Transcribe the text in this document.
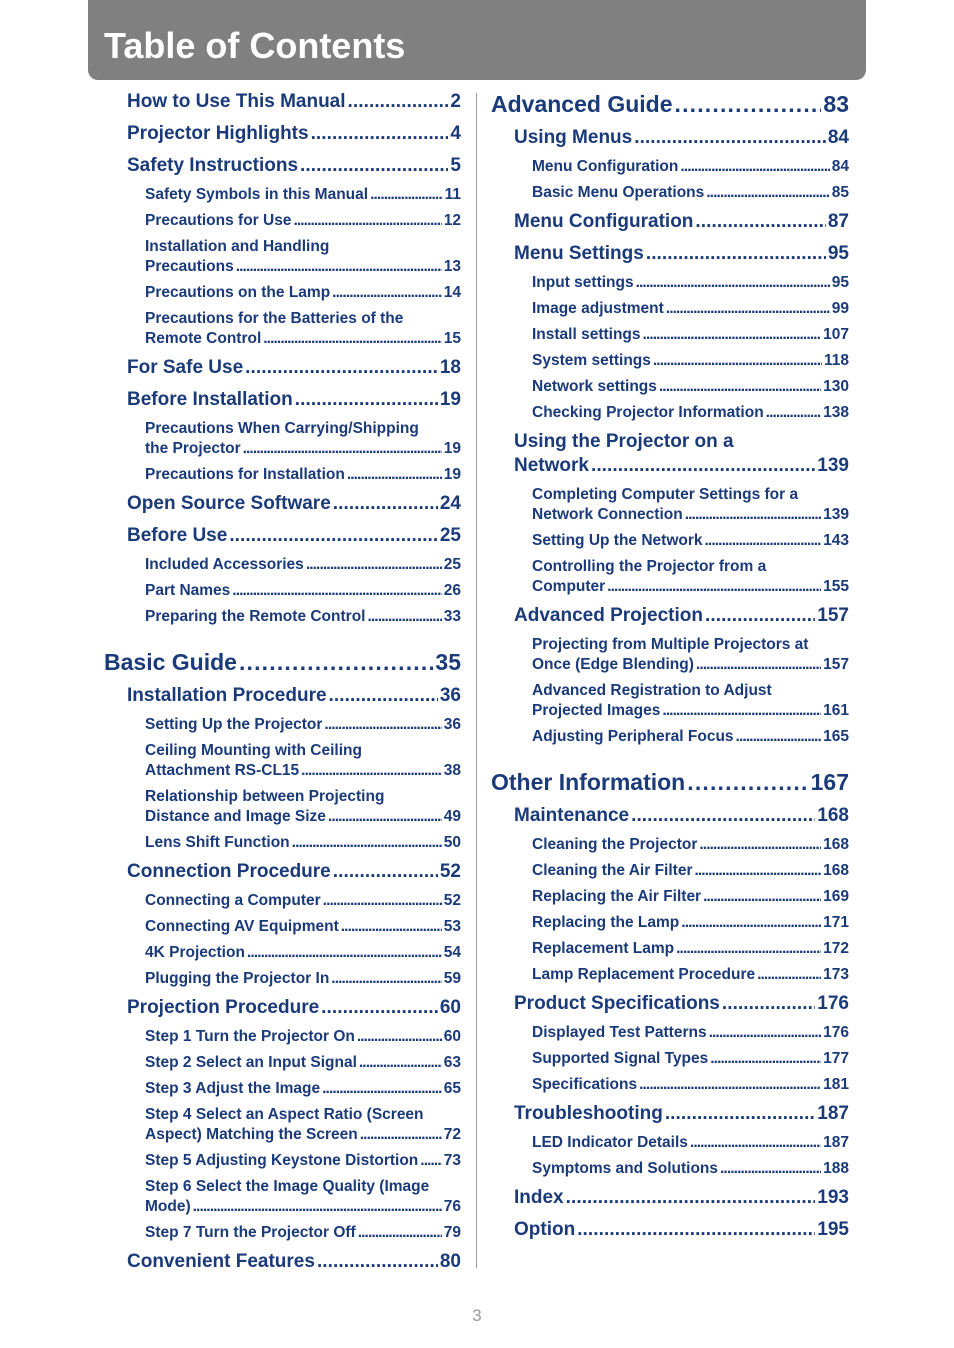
Table of Contents
How to Use This Manual . . .	2
Projector Highlights . . .	4
Safety Instructions . . .	5
Safety Symbols in this Manual . . .	11
Precautions for Use . . .	12
Installation and Handling
Precautions . . .	13
Precautions on the Lamp . . .	14
Precautions for the Batteries of the
Remote Control . . .	15
For Safe Use . . .	18
Before Installation . . .	19
Precautions When Carrying/Shipping
the Projector . . .	19
Precautions for Installation . . .	19
Open Source Software . . .	24
Before Use . . .	25
Included Accessories . . .	25
Part Names . . .	26
Preparing the Remote Control . . .	33
Basic Guide . . .	35
Installation Procedure . . .	36
Setting Up the Projector . . .	36
Ceiling Mounting with Ceiling
Attachment RS-CL15 . . .	38
Relationship between Projecting
Distance and Image Size . . .	49
Lens Shift Function . . .	50
Connection Procedure . . .	52
Connecting a Computer . . .	52
Connecting AV Equipment . . .	53
4K Projection . . .	54
Plugging the Projector In . . .	59
Projection Procedure . . .	60
Step 1 Turn the Projector On . . .	60
Step 2 Select an Input Signal . . .	63
Step 3 Adjust the Image . . .	65
Step 4 Select an Aspect Ratio (Screen
Aspect) Matching the Screen . . .	72
Step 5 Adjusting Keystone Distortion . . . 73
Step 6 Select the Image Quality (Image
Mode) . . .	76
Step 7 Turn the Projector Off . . .	79
Convenient Features . . .	80
Advanced Guide . . .	83
Using Menus . . .	84
Menu Configuration . . .	84
Basic Menu Operations . . .	85
Menu Configuration . . .	87
Menu Settings . . .	95
Input settings . . .	95
Image adjustment . . .	99
Install settings . . .	107
System settings . . .	118
Network settings . . .	130
Checking Projector Information . . .	138
Using the Projector on a
Network . . .	139
Completing Computer Settings for a
Network Connection . . .	139
Setting Up the Network . . .	143
Controlling the Projector from a
Computer . . .	155
Advanced Projection . . .	157
Projecting from Multiple Projectors at
Once (Edge Blending) . . .	157
Advanced Registration to Adjust
Projected Images . . .	161
Adjusting Peripheral Focus . . .	165
Other Information . . .	167
Maintenance . . .	168
Cleaning the Projector . . .	168
Cleaning the Air Filter . . .	168
Replacing the Air Filter . . .	169
Replacing the Lamp . . .	171
Replacement Lamp . . .	172
Lamp Replacement Procedure . . .	173
Product Specifications . . .	176
Displayed Test Patterns . . .	176
Supported Signal Types . . .	177
Specifications . . .	181
Troubleshooting . . .	187
LED Indicator Details . . .	187
Symptoms and Solutions . . .	188
Index . . .	193
Option . . .	195
3
